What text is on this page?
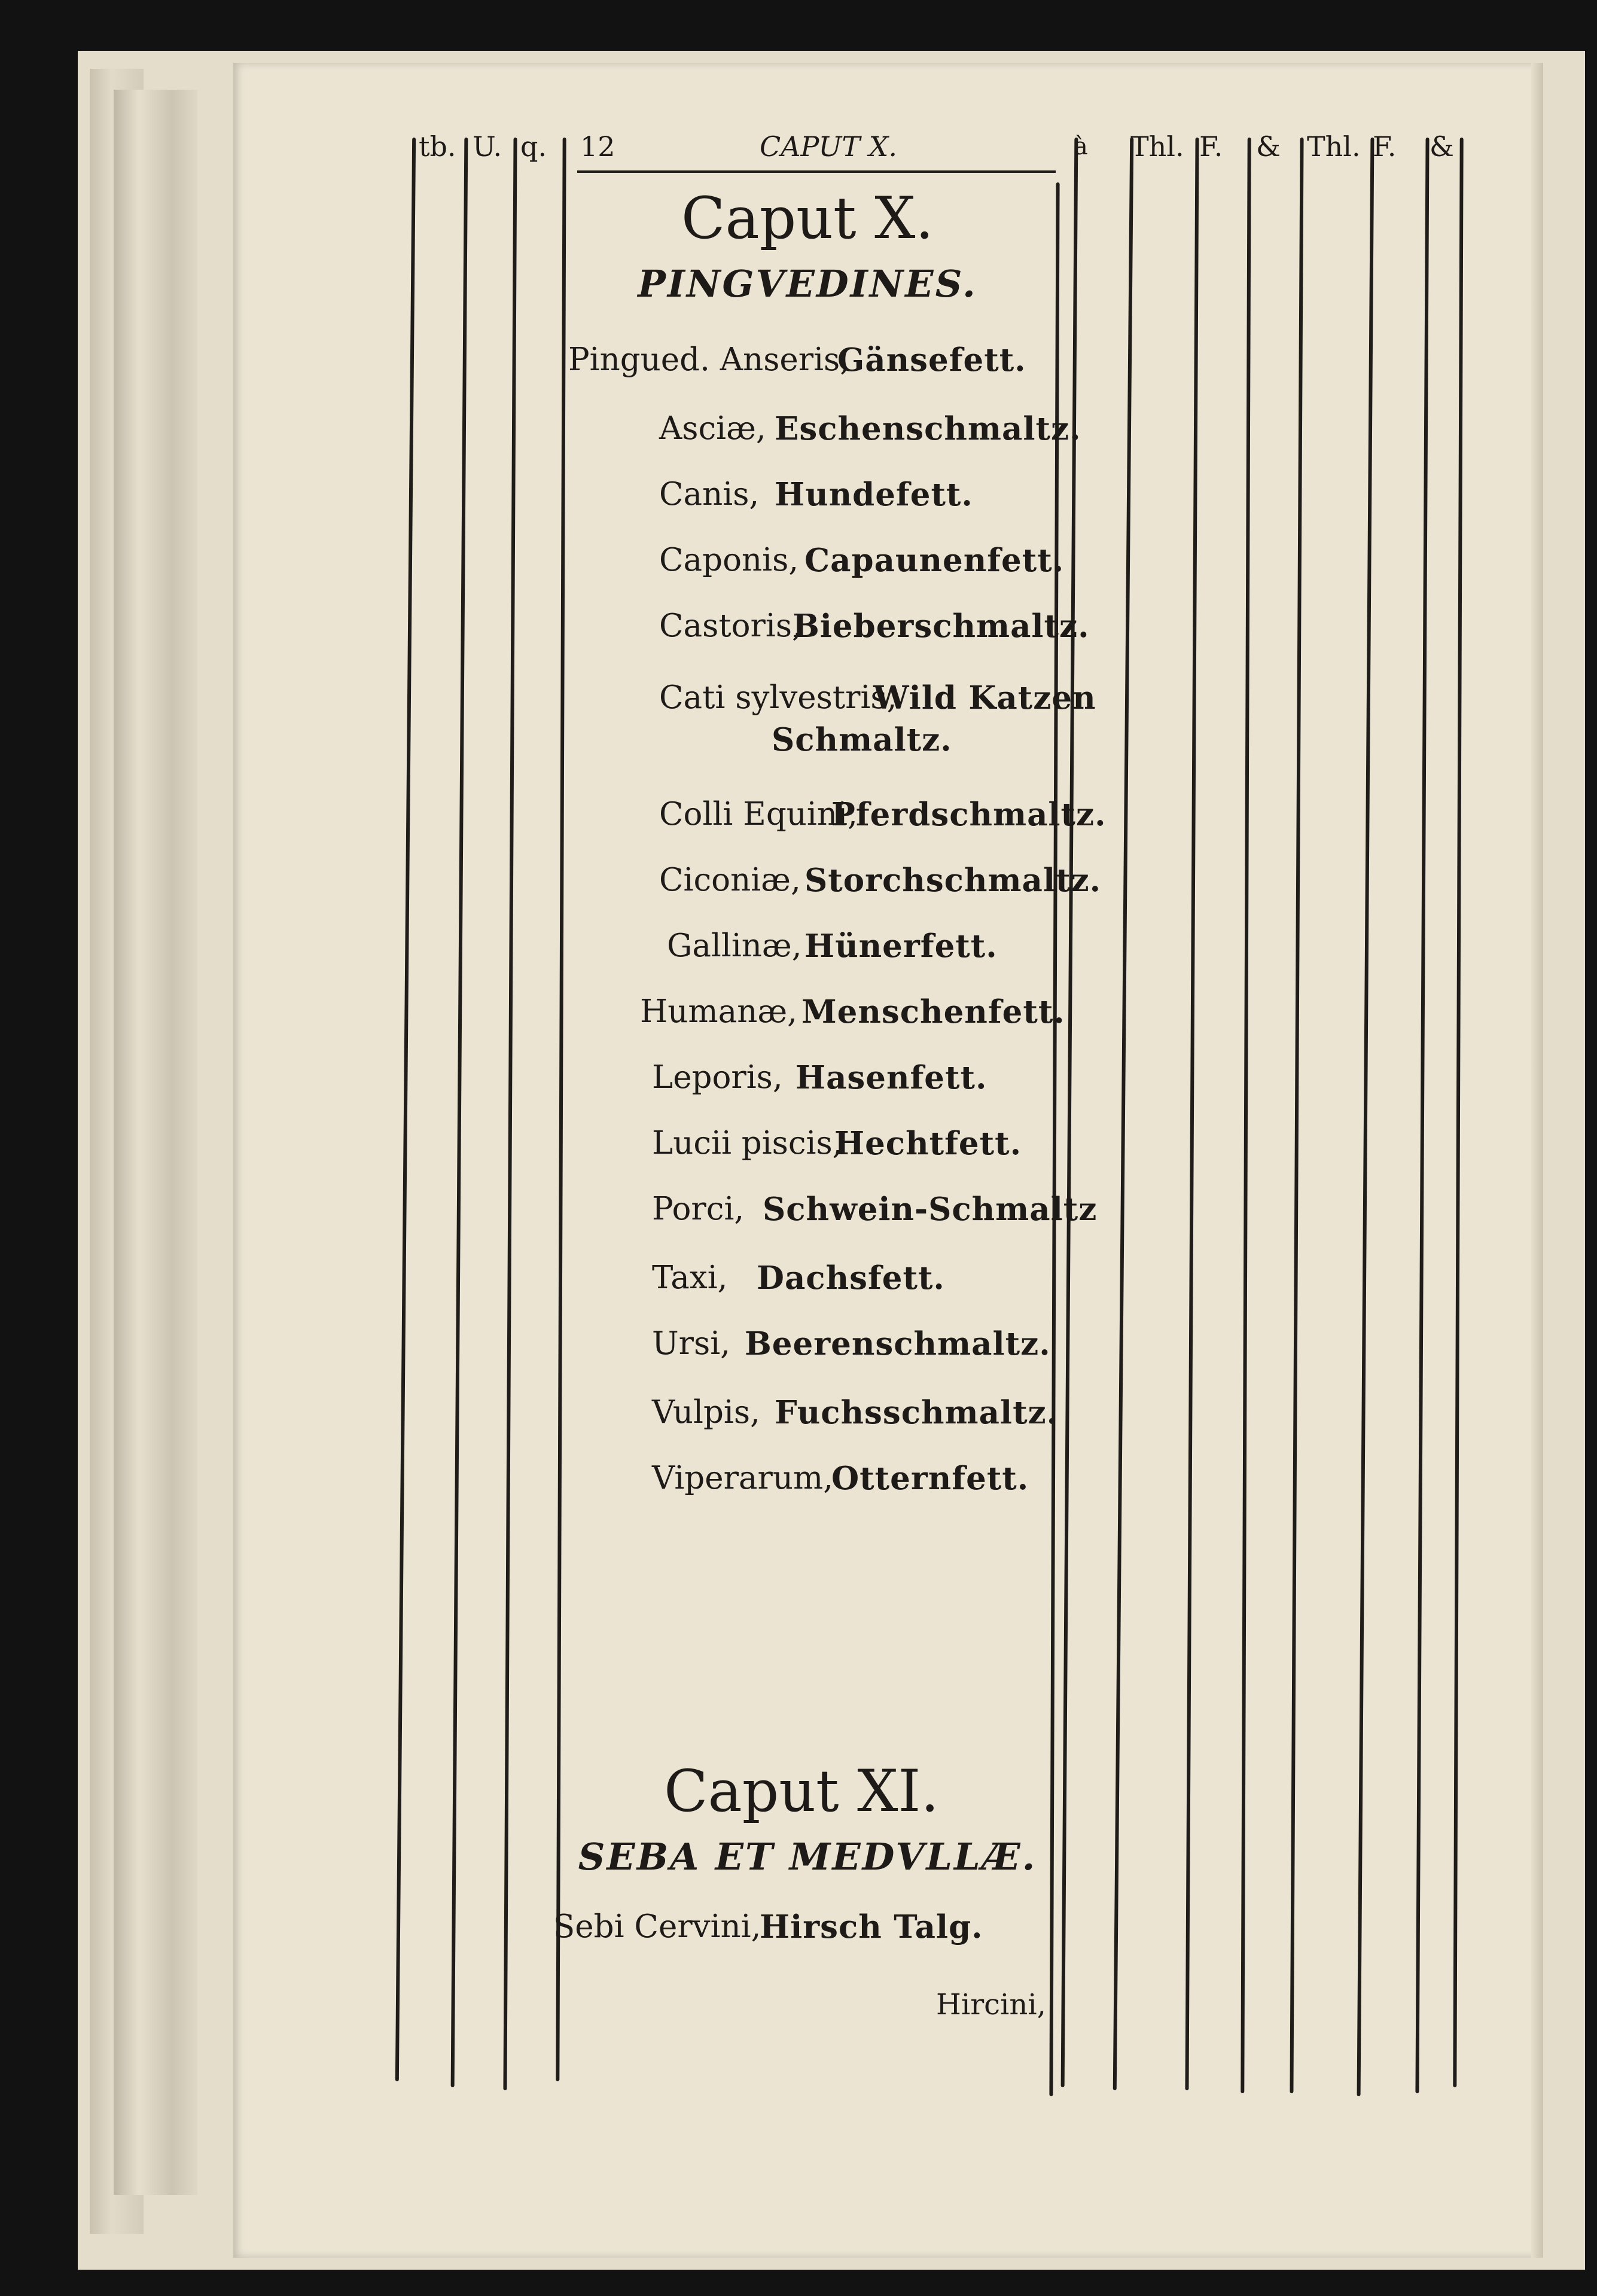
tb. U. q. 12	CAPUT X.	à Thl. F. & Thl. F. &
Caput X.
PINGVEDINES.
Pingued. Anseris,
Gänsefett.
Asciæ, Eschenschmaltz.
Canis, Hundefett.
Caponis, Capaunenfett.
Castoris,
Bieberschmaltz.
Cati sylvestris,
Wild Katzen
Schmaltz.
Colli Equini,
Pferdschmaltz.
Ciconiæ, Storchschmaltz.
Gallinæ, Hünerfett.
Humanæ, Menschenfett.
Leporis, Hasenfett.
Lucii piscis,
Hechtfett.
Porci, Schwein-Schmaltz
Taxi, Dachsfett.
Ursi, Beerenschmaltz.
Vulpis, Fuchsschmaltz.
Viperarum,
Otternfett.
Caput XI.
SEBA ET MEDVLLÆ.
Sebi Cervini,
Hirsch Talg.
Hircini,
